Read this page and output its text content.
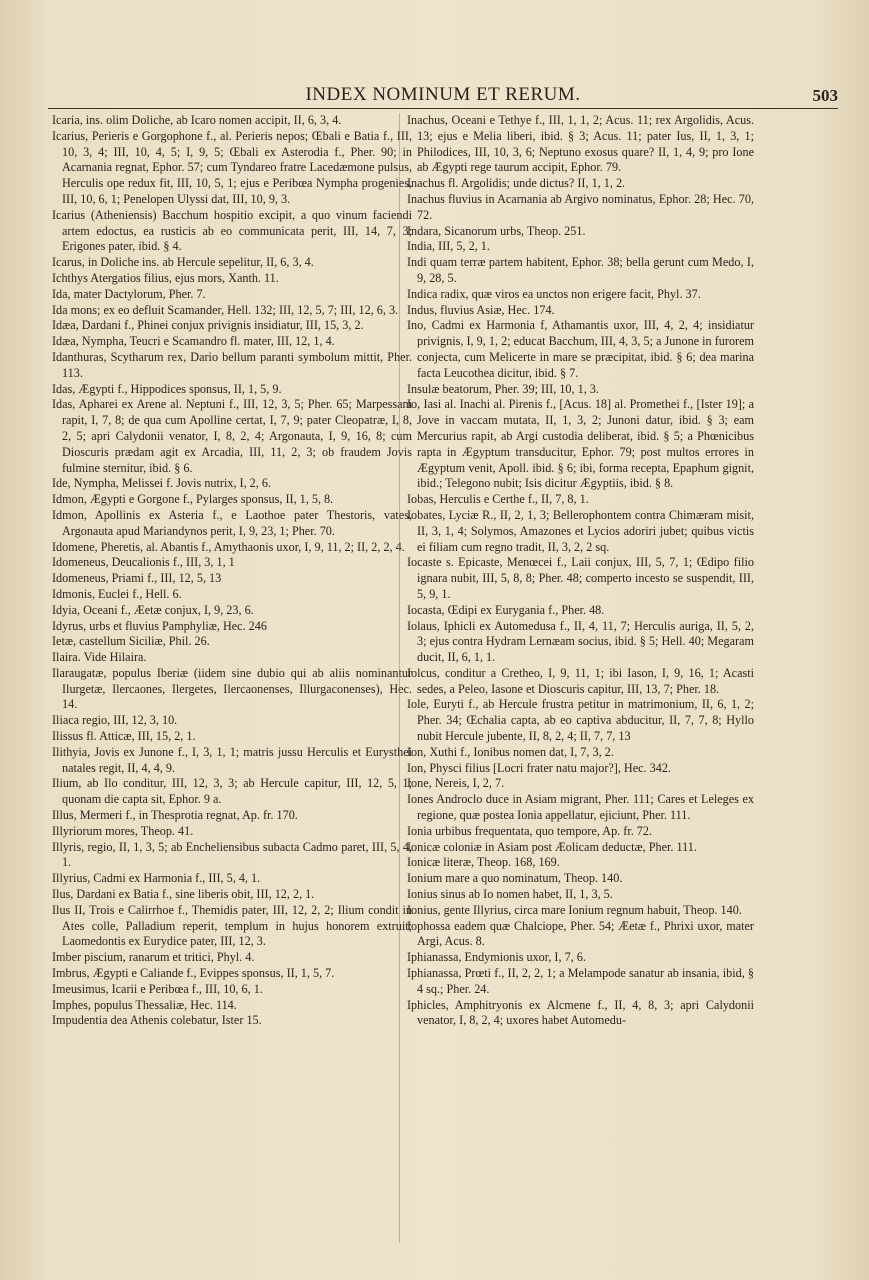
INDEX NOMINUM ET RERUM.	503

Icaria, ins. olim Doliche, ab Icaro nomen accipit, II, 6, 3, 4.

Icarius, Perieris e Gorgophone f., al. Perieris nepos; Œbali e Batia f., III, 10, 3, 4; III, 10, 4, 5; I, 9, 5; Œbali ex Asterodia f., Pher. 90; in Acarnania regnat, Ephor. 57; cum Tyndareo fratre Lacedæmone pulsus, Herculis ope redux fit, III, 10, 5, 1; ejus e Peribœa Nympha progenies, III, 10, 6, 1; Penelopen Ulyssi dat, III, 10, 9, 3.

Icarius (Atheniensis) Bacchum hospitio excipit, a quo vinum faciendi artem edoctus, ea rusticis ab eo communicata perit, III, 14, 7, 3; Erigones pater, ibid. § 4.

Icarus, in Doliche ins. ab Hercule sepelitur, II, 6, 3, 4.

Ichthys Atergatios filius, ejus mors, Xanth. 11.

Ida, mater Dactylorum, Pher. 7.

Ida mons; ex eo defluit Scamander, Hell. 132; III, 12, 5, 7; III, 12, 6, 3.

Idæa, Dardani f., Phinei conjux privignis insidiatur, III, 15, 3, 2.

Idæa, Nympha, Teucri e Scamandro fl. mater, III, 12, 1, 4.

Idanthuras, Scytharum rex, Dario bellum paranti symbolum mittit, Pher. 113.

Idas, Ægypti f., Hippodices sponsus, II, 1, 5, 9.

Idas, Apharei ex Arene al. Neptuni f., III, 12, 3, 5; Pher. 65; Marpessam rapit, I, 7, 8; de qua cum Apolline certat, I, 7, 9; pater Cleopatræ, I, 8, 2, 5; apri Calydonii venator, I, 8, 2, 4; Argonauta, I, 9, 16, 8; cum Dioscuris prædam agit ex Arcadia, III, 11, 2, 3; ob fraudem Jovis fulmine sternitur, ibid. § 6.

Ide, Nympha, Melissei f. Jovis nutrix, I, 2, 6.

Idmon, Ægypti e Gorgone f., Pylarges sponsus, II, 1, 5, 8.

Idmon, Apollinis ex Asteria f., e Laothoe pater Thestoris, vates, Argonauta apud Mariandynos perit, I, 9, 23, 1; Pher. 70.

Idomene, Pheretis, al. Abantis f., Amythaonis uxor, I, 9, 11, 2; II, 2, 2, 4.

Idomeneus, Deucalionis f., III, 3, 1, 1

Idomeneus, Priami f., III, 12, 5, 13

Idmonis, Euclei f., Hell. 6.

Idyia, Oceani f., Æetæ conjux, I, 9, 23, 6.

Idyrus, urbs et fluvius Pamphyliæ, Hec. 246

Ietæ, castellum Siciliæ, Phil. 26.

Ilaira. Vide Hilaira.

Ilaraugatæ, populus Iberiæ (iidem sine dubio qui ab aliis nominantur Ilurgetæ, Ilercaones, Ilergetes, Ilercaonenses, Illurgaconenses), Hec. 14.

Iliaca regio, III, 12, 3, 10.

Ilissus fl. Atticæ, III, 15, 2, 1.

Ilithyia, Jovis ex Junone f., I, 3, 1, 1; matris jussu Herculis et Eurysthei natales regit, II, 4, 4, 9.

Ilium, ab Ilo conditur, III, 12, 3, 3; ab Hercule capitur, III, 12, 5, 1; quonam die capta sit, Ephor. 9 a.

Illus, Mermeri f., in Thesprotia regnat, Ap. fr. 170.

Illyriorum mores, Theop. 41.

Illyris, regio, II, 1, 3, 5; ab Encheliensibus subacta Cadmo paret, III, 5, 4, 1.

Illyrius, Cadmi ex Harmonia f., III, 5, 4, 1.

Ilus, Dardani ex Batia f., sine liberis obit, III, 12, 2, 1.

Ilus II, Trois e Calirrhoe f., Themidis pater, III, 12, 2, 2; Ilium condit in Ates colle, Palladium reperit, templum in hujus honorem extruit; Laomedontis ex Eurydice pater, III, 12, 3.

Imber piscium, ranarum et tritici, Phyl. 4.

Imbrus, Ægypti e Caliande f., Evippes sponsus, II, 1, 5, 7.

Imeusimus, Icarii e Peribœa f., III, 10, 6, 1.

Imphes, populus Thessaliæ, Hec. 114.

Impudentia dea Athenis colebatur, Ister 15.

Inachus, Oceani e Tethye f., III, 1, 1, 2; Acus. 11; rex Argolidis, Acus. 13; ejus e Melia liberi, ibid. § 3; Acus. 11; pater Ius, II, 1, 3, 1; Philodices, III, 10, 3, 6; Neptuno exosus quare? II, 1, 4, 9; pro Ione ab Ægypti rege taurum accipit, Ephor. 79.

Inachus fl. Argolidis; unde dictus? II, 1, 1, 2.

Inachus fluvius in Acarnania ab Argivo nominatus, Ephor. 28; Hec. 70, 72.

Indara, Sicanorum urbs, Theop. 251.

India, III, 5, 2, 1.

Indi quam terræ partem habitent, Ephor. 38; bella gerunt cum Medo, I, 9, 28, 5.

Indica radix, quæ viros ea unctos non erigere facit, Phyl. 37.

Indus, fluvius Asiæ, Hec. 174.

Ino, Cadmi ex Harmonia f, Athamantis uxor, III, 4, 2, 4; insidiatur privignis, I, 9, 1, 2; educat Bacchum, III, 4, 3, 5; a Junone in furorem conjecta, cum Melicerte in mare se præcipitat, ibid. § 6; dea marina facta Leucothea dicitur, ibid. § 7.

Insulæ beatorum, Pher. 39; III, 10, 1, 3.

Io, Iasi al. Inachi al. Pirenis f., [Acus. 18] al. Promethei f., [Ister 19]; a Jove in vaccam mutata, II, 1, 3, 2; Junoni datur, ibid. § 3; eam Mercurius rapit, ab Argi custodia deliberat, ibid. § 5; a Phœnicibus rapta in Ægyptum transducitur, Ephor. 79; post multos errores in Ægyptum venit, Apoll. ibid. § 6; ibi, forma recepta, Epaphum gignit, ibid.; Telegono nubit; Isis dicitur Ægyptiis, ibid. § 8.

Iobas, Herculis e Certhe f., II, 7, 8, 1.

Iobates, Lyciæ R., II, 2, 1, 3; Bellerophontem contra Chimæram misit, II, 3, 1, 4; Solymos, Amazones et Lycios adoriri jubet; quibus victis ei filiam cum regno tradit, II, 3, 2, 2 sq.

Iocaste s. Epicaste, Menœcei f., Laii conjux, III, 5, 7, 1; Œdipo filio ignara nubit, III, 5, 8, 8; Pher. 48; comperto incesto se suspendit, III, 5, 9, 1.

Iocasta, Œdipi ex Eurygania f., Pher. 48.

Iolaus, Iphicli ex Automedusa f., II, 4, 11, 7; Herculis auriga, II, 5, 2, 3; ejus contra Hydram Lernæam socius, ibid. § 5; Hell. 40; Megaram ducit, II, 6, 1, 1.

Iolcus, conditur a Cretheo, I, 9, 11, 1; ibi Iason, I, 9, 16, 1; Acasti sedes, a Peleo, Iasone et Dioscuris capitur, III, 13, 7; Pher. 18.

Iole, Euryti f., ab Hercule frustra petitur in matrimonium, II, 6, 1, 2; Pher. 34; Œchalia capta, ab eo captiva abducitur, II, 7, 7, 8; Hyllo nubit Hercule jubente, II, 8, 2, 4; II, 7, 7, 13

Ion, Xuthi f., Ionibus nomen dat, I, 7, 3, 2.

Ion, Physci filius [Locri frater natu major?], Hec. 342.

Ione, Nereis, I, 2, 7.

Iones Androclo duce in Asiam migrant, Pher. 111; Cares et Leleges ex regione, quæ postea Ionia appellatur, ejiciunt, Pher. 111.

Ionia urbibus frequentata, quo tempore, Ap. fr. 72.

Ionicæ coloniæ in Asiam post Æolicam deductæ, Pher. 111.

Ionicæ literæ, Theop. 168, 169.

Ionium mare a quo nominatum, Theop. 140.

Ionius sinus ab Io nomen habet, II, 1, 3, 5.

Ionius, gente Illyrius, circa mare Ionium regnum habuit, Theop. 140.

Iophossa eadem quæ Chalciope, Pher. 54; Æetæ f., Phrixi uxor, mater Argi, Acus. 8.

Iphianassa, Endymionis uxor, I, 7, 6.

Iphianassa, Prœti f., II, 2, 2, 1; a Melampode sanatur ab insania, ibid, § 4 sq.; Pher. 24.

Iphicles, Amphitryonis ex Alcmene f., II, 4, 8, 3; apri Calydonii venator, I, 8, 2, 4; uxores habet Automedu-
